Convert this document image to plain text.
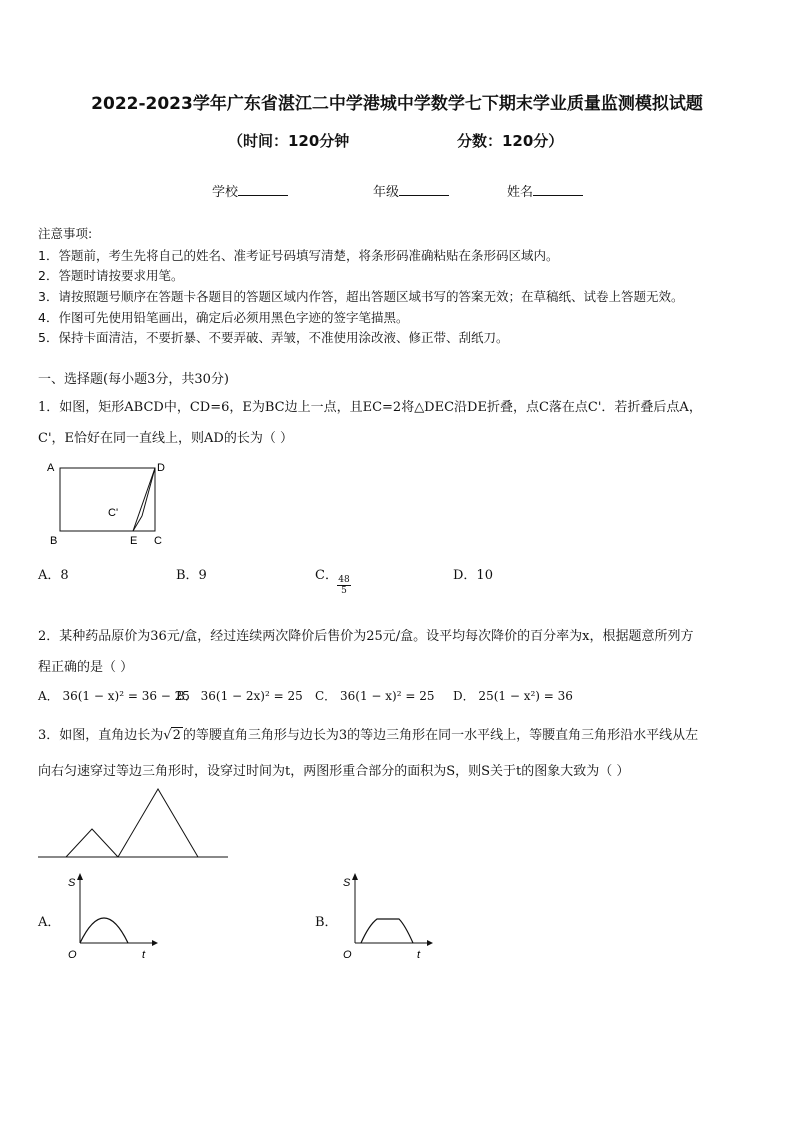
2022-2023学年广东省湛江二中学港城中学数学七下期末学业质量监测模拟试题
（时间：120分钟	分数：120分）
学校	年级	姓名
注意事项:
1．答题前，考生先将自己的姓名、准考证号码填写清楚，将条形码准确粘贴在条形码区域内。
2．答题时请按要求用笔。
3．请按照题号顺序在答题卡各题目的答题区域内作答，超出答题区域书写的答案无效；在草稿纸、试卷上答题无效。
4．作图可先使用铅笔画出，确定后必须用黑色字迹的签字笔描黑。
5．保持卡面清洁，不要折暴、不要弄破、弄皱，不准使用涂改液、修正带、刮纸刀。
一、选择题(每小题3分，共30分)
1．如图，矩形ABCD中，CD=6，E为BC边上一点，且EC=2将△DEC沿DE折叠，点C落在点C'．若折叠后点A，
C'，E恰好在同一直线上，则AD的长为（ ）
A	D
B	E C
C'
A．8	B．9	C． $\frac{48}{5}$	D．10
2．某种药品原价为36元/盒，经过连续两次降价后售价为25元/盒。设平均每次降价的百分率为x，根据题意所列方
程正确的是（ ）
A． 36(1 − x)² = 36 − 25
B． 36(1 − 2x)² = 25 C． 36(1 − x)² = 25 D． 25(1 − x²) = 36
3．如图，直角边长为√2 的等腰直角三角形与边长为3的等边三角形在同一水平线上，等腰直角三角形沿水平线从左
向右匀速穿过等边三角形时，设穿过时间为t，两图形重合部分的面积为S，则S关于t的图象大致为（ ）
A．
S
O	t
B．
S
O	t
